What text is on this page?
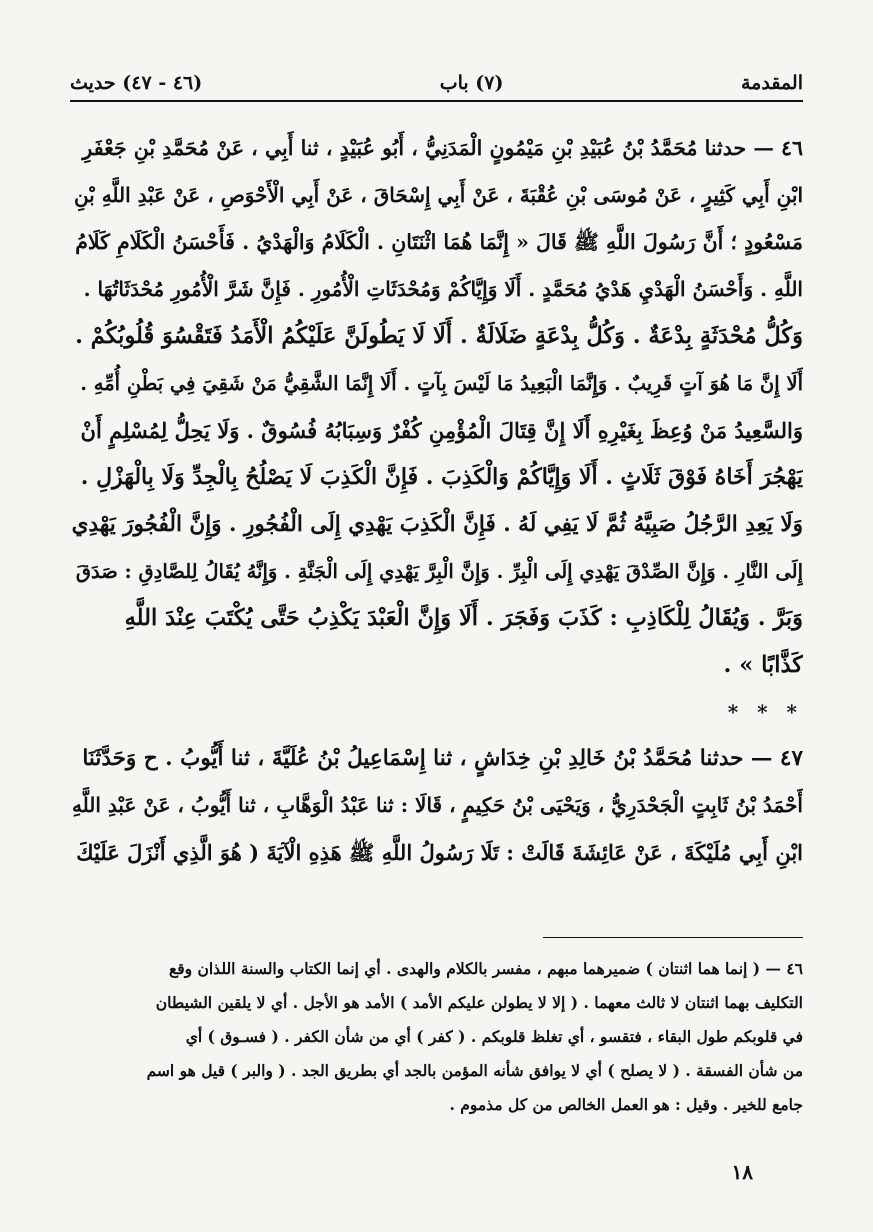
المقدمة
(٧) باب
(٤٦ - ٤٧) حديث
٤٦ — حدثنا مُحَمَّدُ بْنُ عُبَيْدِ بْنِ مَيْمُونٍ الْمَدَنِيُّ ، أَبُو عُبَيْدٍ ، ثنا أَبِي ، عَنْ مُحَمَّدِ بْنِ جَعْفَرِ
ابْنِ أَبِي كَثِيرٍ ، عَنْ مُوسَى بْنِ عُقْبَةَ ، عَنْ أَبِي إِسْحَاقَ ، عَنْ أَبِي الْأَحْوَصِ ، عَنْ عَبْدِ اللَّهِ بْنِ
مَسْعُودٍ ؛ أَنَّ رَسُولَ اللَّهِ ﷺ قَالَ « إِنَّمَا هُمَا اثْنَتَانِ . الْكَلَامُ وَالْهَدْيُ . فَأَحْسَنُ الْكَلَامِ كَلَامُ
اللَّهِ . وَأَحْسَنُ الْهَدْيِ هَدْيُ مُحَمَّدٍ . أَلَا وَإِيَّاكُمْ وَمُحْدَثَاتِ الْأُمُورِ . فَإِنَّ شَرَّ الْأُمُورِ مُحْدَثَاتُهَا .
وَكُلُّ مُحْدَثَةٍ بِدْعَةٌ . وَكُلُّ بِدْعَةٍ ضَلَالَةٌ . أَلَا لَا يَطُولَنَّ عَلَيْكُمُ الْأَمَدُ فَتَقْسُوَ قُلُوبُكُمْ .
أَلَا إِنَّ مَا هُوَ آتٍ قَرِيبٌ . وَإِنَّمَا الْبَعِيدُ مَا لَيْسَ بِآتٍ . أَلَا إِنَّمَا الشَّقِيُّ مَنْ شَقِيَ فِي بَطْنِ أُمِّهِ .
وَالسَّعِيدُ مَنْ وُعِظَ بِغَيْرِهِ أَلَا إِنَّ قِتَالَ الْمُؤْمِنِ كُفْرٌ وَسِبَابُهُ فُسُوقٌ . وَلَا يَحِلُّ لِمُسْلِمٍ أَنْ
يَهْجُرَ أَخَاهُ فَوْقَ ثَلَاثٍ . أَلَا وَإِيَّاكُمْ وَالْكَذِبَ . فَإِنَّ الْكَذِبَ لَا يَصْلُحُ بِالْجِدِّ وَلَا بِالْهَزْلِ .
وَلَا يَعِدِ الرَّجُلُ صَبِيَّهُ ثُمَّ لَا يَفِي لَهُ . فَإِنَّ الْكَذِبَ يَهْدِي إِلَى الْفُجُورِ . وَإِنَّ الْفُجُورَ يَهْدِي
إِلَى النَّارِ . وَإِنَّ الصِّدْقَ يَهْدِي إِلَى الْبِرِّ . وَإِنَّ الْبِرَّ يَهْدِي إِلَى الْجَنَّةِ . وَإِنَّهُ يُقَالُ لِلصَّادِقِ : صَدَقَ
وَبَرَّ . وَيُقَالُ لِلْكَاذِبِ : كَذَبَ وَفَجَرَ . أَلَا وَإِنَّ الْعَبْدَ يَكْذِبُ حَتَّى يُكْتَبَ عِنْدَ اللَّهِ
كَذَّابًا » .
* * *
٤٧ — حدثنا مُحَمَّدُ بْنُ خَالِدِ بْنِ خِدَاشٍ ، ثنا إِسْمَاعِيلُ بْنُ عُلَيَّةَ ، ثنا أَيُّوبُ . ح وَحَدَّثَنَا
أَحْمَدُ بْنُ ثَابِتٍ الْجَحْدَرِيُّ ، وَيَحْيَى بْنُ حَكِيمٍ ، قَالَا : ثنا عَبْدُ الْوَهَّابِ ، ثنا أَيُّوبُ ، عَنْ عَبْدِ اللَّهِ
ابْنِ أَبِي مُلَيْكَةَ ، عَنْ عَائِشَةَ قَالَتْ : تَلَا رَسُولُ اللَّهِ ﷺ هَذِهِ الْآيَةَ ( هُوَ الَّذِي أَنْزَلَ عَلَيْكَ
٤٦ — ( إنما هما اثنتان ) ضميرهما مبهم ، مفسر بالكلام والهدى . أي إنما الكتاب والسنة اللذان وقع
التكليف بهما اثنتان لا ثالث معهما . ( إلا لا يطولن عليكم الأمد ) الأمد هو الأجل . أي لا يلقين الشيطان
في قلوبكم طول البقاء ، فتقسو ، أي تغلظ قلوبكم . ( كفر ) أي من شأن الكفر . ( فسـوق ) أي
من شأن الفسقة . ( لا يصلح ) أي لا يوافق شأنه المؤمن بالجد أي بطريق الجد . ( والبر ) قيل هو اسم
جامع للخير . وقيل : هو العمل الخالص من كل مذموم .
١٨
